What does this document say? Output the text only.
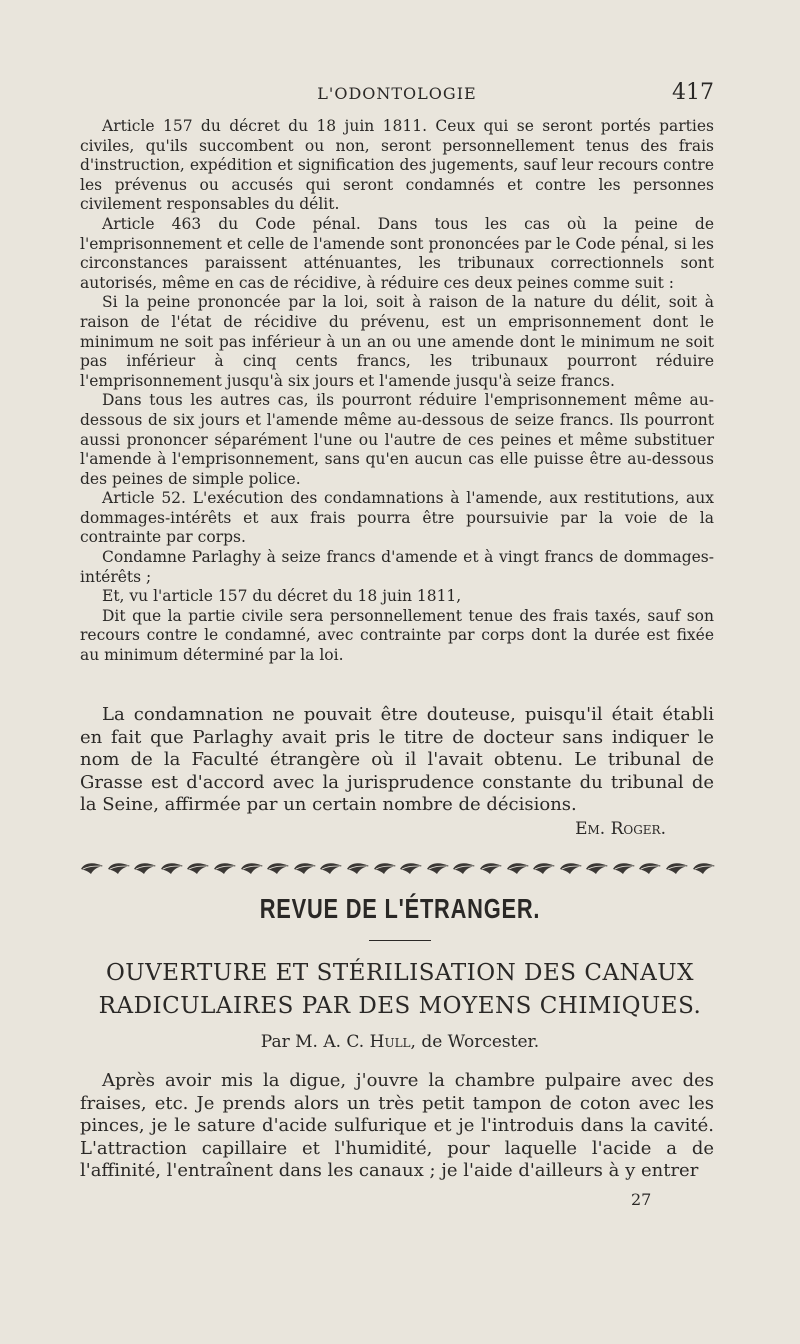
L'ODONTOLOGIE	417

Article 157 du décret du 18 juin 1811. Ceux qui se seront portés parties civiles, qu'ils succombent ou non, seront personnellement tenus des frais d'instruction, expédition et signification des jugements, sauf leur recours contre les prévenus ou accusés qui seront condamnés et contre les personnes civilement responsables du délit.

Article 463 du Code pénal. Dans tous les cas où la peine de l'emprisonnement et celle de l'amende sont prononcées par le Code pénal, si les circonstances paraissent atténuantes, les tribunaux correctionnels sont autorisés, même en cas de récidive, à réduire ces deux peines comme suit :

Si la peine prononcée par la loi, soit à raison de la nature du délit, soit à raison de l'état de récidive du prévenu, est un emprisonnement dont le minimum ne soit pas inférieur à un an ou une amende dont le minimum ne soit pas inférieur à cinq cents francs, les tribunaux pourront réduire l'emprisonnement jusqu'à six jours et l'amende jusqu'à seize francs.

Dans tous les autres cas, ils pourront réduire l'emprisonnement même au-dessous de six jours et l'amende même au-dessous de seize francs. Ils pourront aussi prononcer séparément l'une ou l'autre de ces peines et même substituer l'amende à l'emprisonnement, sans qu'en aucun cas elle puisse être au-dessous des peines de simple police.

Article 52. L'exécution des condamnations à l'amende, aux restitutions, aux dommages-intérêts et aux frais pourra être poursuivie par la voie de la contrainte par corps.

Condamne Parlaghy à seize francs d'amende et à vingt francs de dommages-intérêts ;

Et, vu l'article 157 du décret du 18 juin 1811,

Dit que la partie civile sera personnellement tenue des frais taxés, sauf son recours contre le condamné, avec contrainte par corps dont la durée est fixée au minimum déterminé par la loi.

La condamnation ne pouvait être douteuse, puisqu'il était établi en fait que Parlaghy avait pris le titre de docteur sans indiquer le nom de la Faculté étrangère où il l'avait obtenu. Le tribunal de Grasse est d'accord avec la jurisprudence constante du tribunal de la Seine, affirmée par un certain nombre de décisions.

Em. Roger.
REVUE DE L'ÉTRANGER.
OUVERTURE ET STÉRILISATION DES CANAUX
RADICULAIRES PAR DES MOYENS CHIMIQUES.
Par M. A. C. Hull, de Worcester.

Après avoir mis la digue, j'ouvre la chambre pulpaire avec des fraises, etc. Je prends alors un très petit tampon de coton avec les pinces, je le sature d'acide sulfurique et je l'introduis dans la cavité. L'attraction capillaire et l'humidité, pour laquelle l'acide a de l'affinité, l'entraînent dans les canaux ; je l'aide d'ailleurs à y entrer

27
